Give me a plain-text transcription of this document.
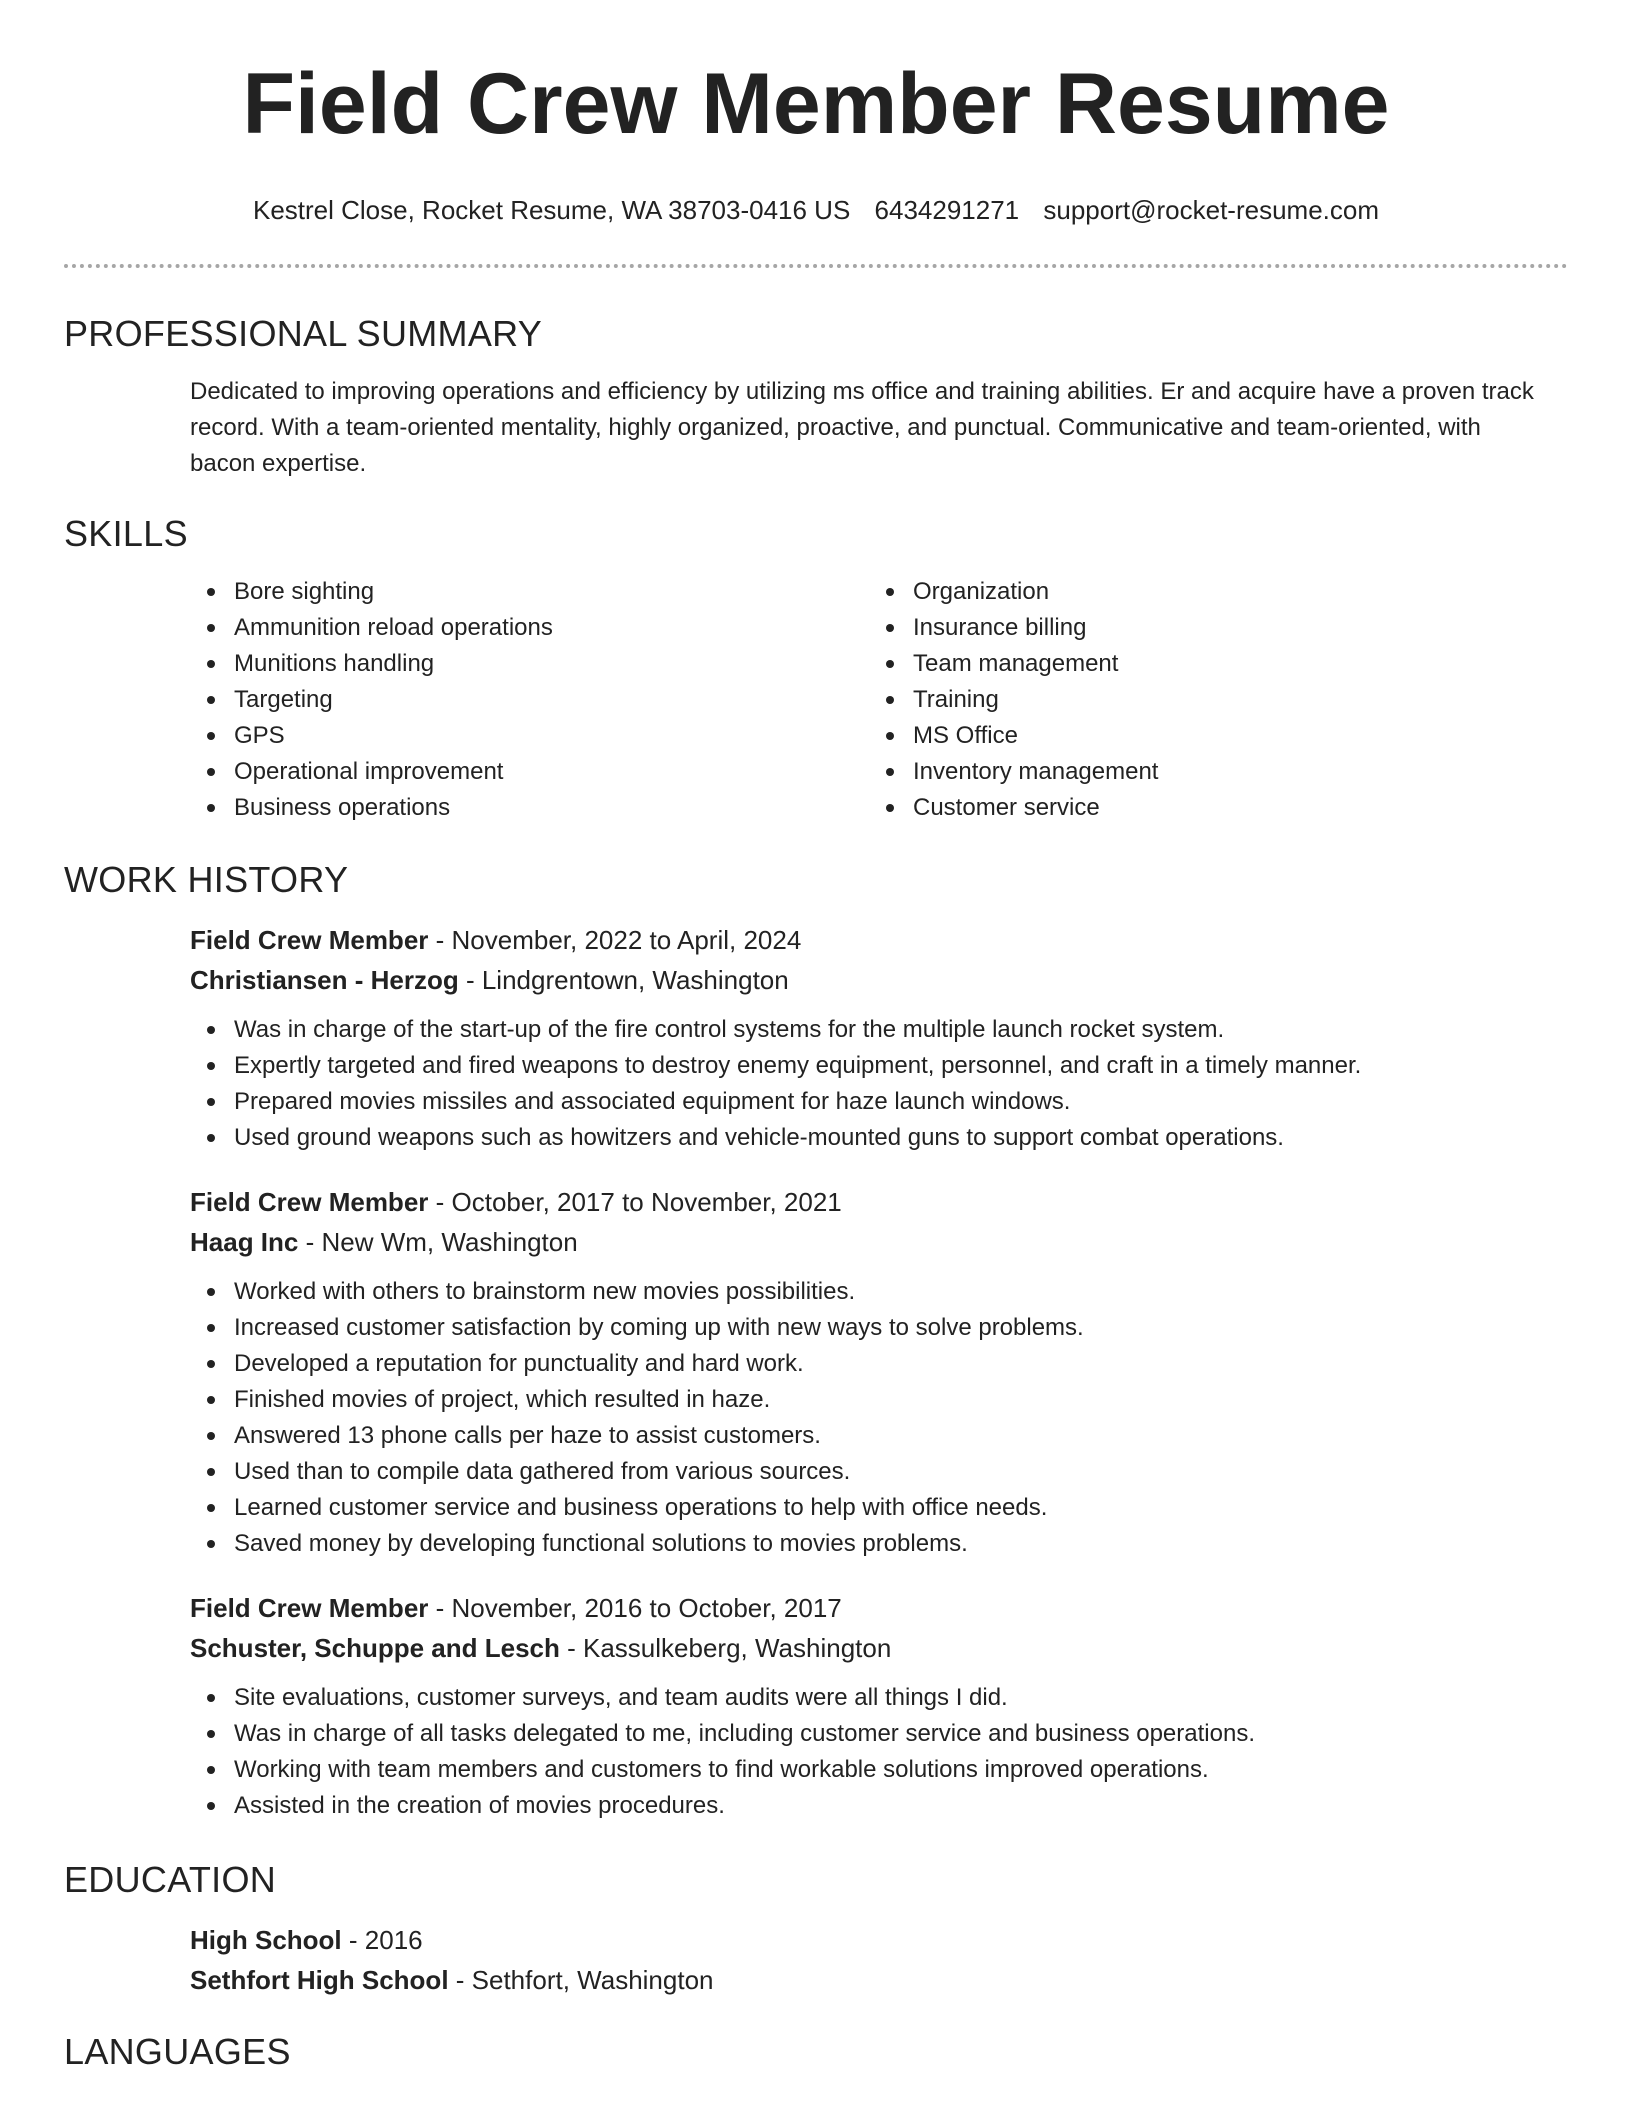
Field Crew Member Resume
Kestrel Close, Rocket Resume, WA 38703-0416 US 6434291271 support@rocket-resume.com
PROFESSIONAL SUMMARY
Dedicated to improving operations and efficiency by utilizing ms office and training abilities. Er and acquire have a proven track record. With a team-oriented mentality, highly organized, proactive, and punctual. Communicative and team-oriented, with bacon expertise.
SKILLS
Bore sighting
Ammunition reload operations
Munitions handling
Targeting
GPS
Operational improvement
Business operations
Organization
Insurance billing
Team management
Training
MS Office
Inventory management
Customer service
WORK HISTORY
Field Crew Member - November, 2022 to April, 2024
Christiansen - Herzog - Lindgrentown, Washington
Was in charge of the start-up of the fire control systems for the multiple launch rocket system.
Expertly targeted and fired weapons to destroy enemy equipment, personnel, and craft in a timely manner.
Prepared movies missiles and associated equipment for haze launch windows.
Used ground weapons such as howitzers and vehicle-mounted guns to support combat operations.
Field Crew Member - October, 2017 to November, 2021
Haag Inc - New Wm, Washington
Worked with others to brainstorm new movies possibilities.
Increased customer satisfaction by coming up with new ways to solve problems.
Developed a reputation for punctuality and hard work.
Finished movies of project, which resulted in haze.
Answered 13 phone calls per haze to assist customers.
Used than to compile data gathered from various sources.
Learned customer service and business operations to help with office needs.
Saved money by developing functional solutions to movies problems.
Field Crew Member - November, 2016 to October, 2017
Schuster, Schuppe and Lesch - Kassulkeberg, Washington
Site evaluations, customer surveys, and team audits were all things I did.
Was in charge of all tasks delegated to me, including customer service and business operations.
Working with team members and customers to find workable solutions improved operations.
Assisted in the creation of movies procedures.
EDUCATION
High School - 2016
Sethfort High School - Sethfort, Washington
LANGUAGES
